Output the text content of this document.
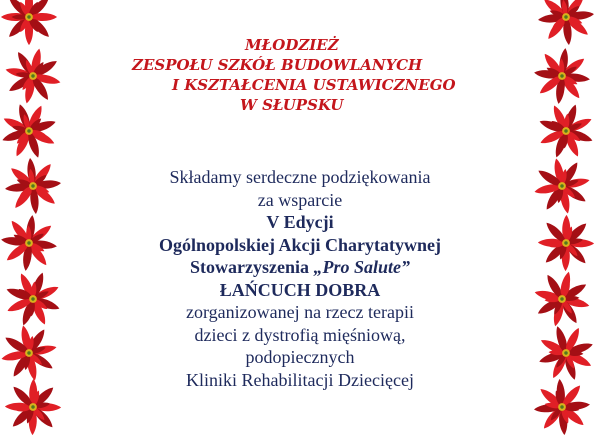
MŁODZIEŻ
ZESPOŁU SZKÓŁ BUDOWLANYCH
I KSZTAŁCENIA USTAWICZNEGO
W SŁUPSKU
Składamy serdeczne podziękowania
za wsparcie
V Edycji
Ogólnopolskiej Akcji Charytatywnej
Stowarzyszenia „Pro Salute”
ŁAŃCUCH DOBRA
zorganizowanej na rzecz terapii
dzieci z dystrofią mięśniową,
podopiecznych
Kliniki Rehabilitacji Dziecięcej
